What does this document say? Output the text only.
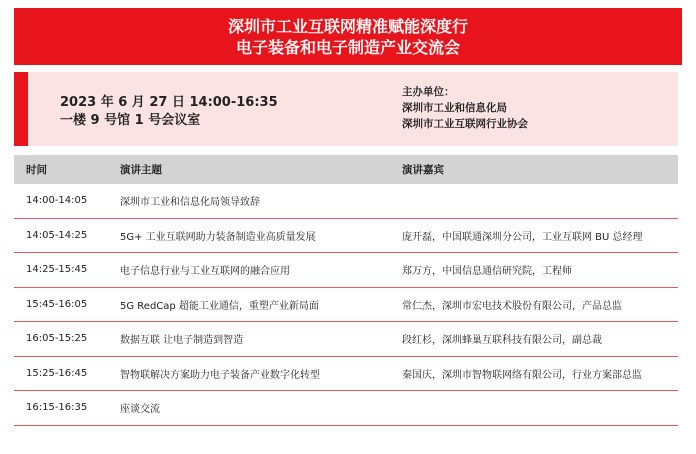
深圳市工业互联网精准赋能深度行
电子装备和电子制造产业交流会
2023 年 6 月 27 日 14:00-16:35
一楼 9 号馆 1 号会议室
主办单位：
深圳市工业和信息化局
深圳市工业互联网行业协会
时间	演讲主题	演讲嘉宾
14:00-14:05	深圳市工业和信息化局领导致辞
14:05-14:25	5G+ 工业互联网助力装备制造业高质量发展	庞开磊，中国联通深圳分公司，工业互联网 BU 总经理
14:25-15:45	电子信息行业与工业互联网的融合应用	郑万方，中国信息通信研究院，工程师
15:45-16:05	5G RedCap 超能工业通信，重塑产业新局面	常仁杰，深圳市宏电技术股份有限公司，产品总监
16:05-15:25	数据互联 让电子制造到智造	段红杉，深圳蜂巢互联科技有限公司，副总裁
15:25-16:45	智物联解决方案助力电子装备产业数字化转型	秦国庆，深圳市智物联网络有限公司，行业方案部总监
16:15-16:35	座谈交流
